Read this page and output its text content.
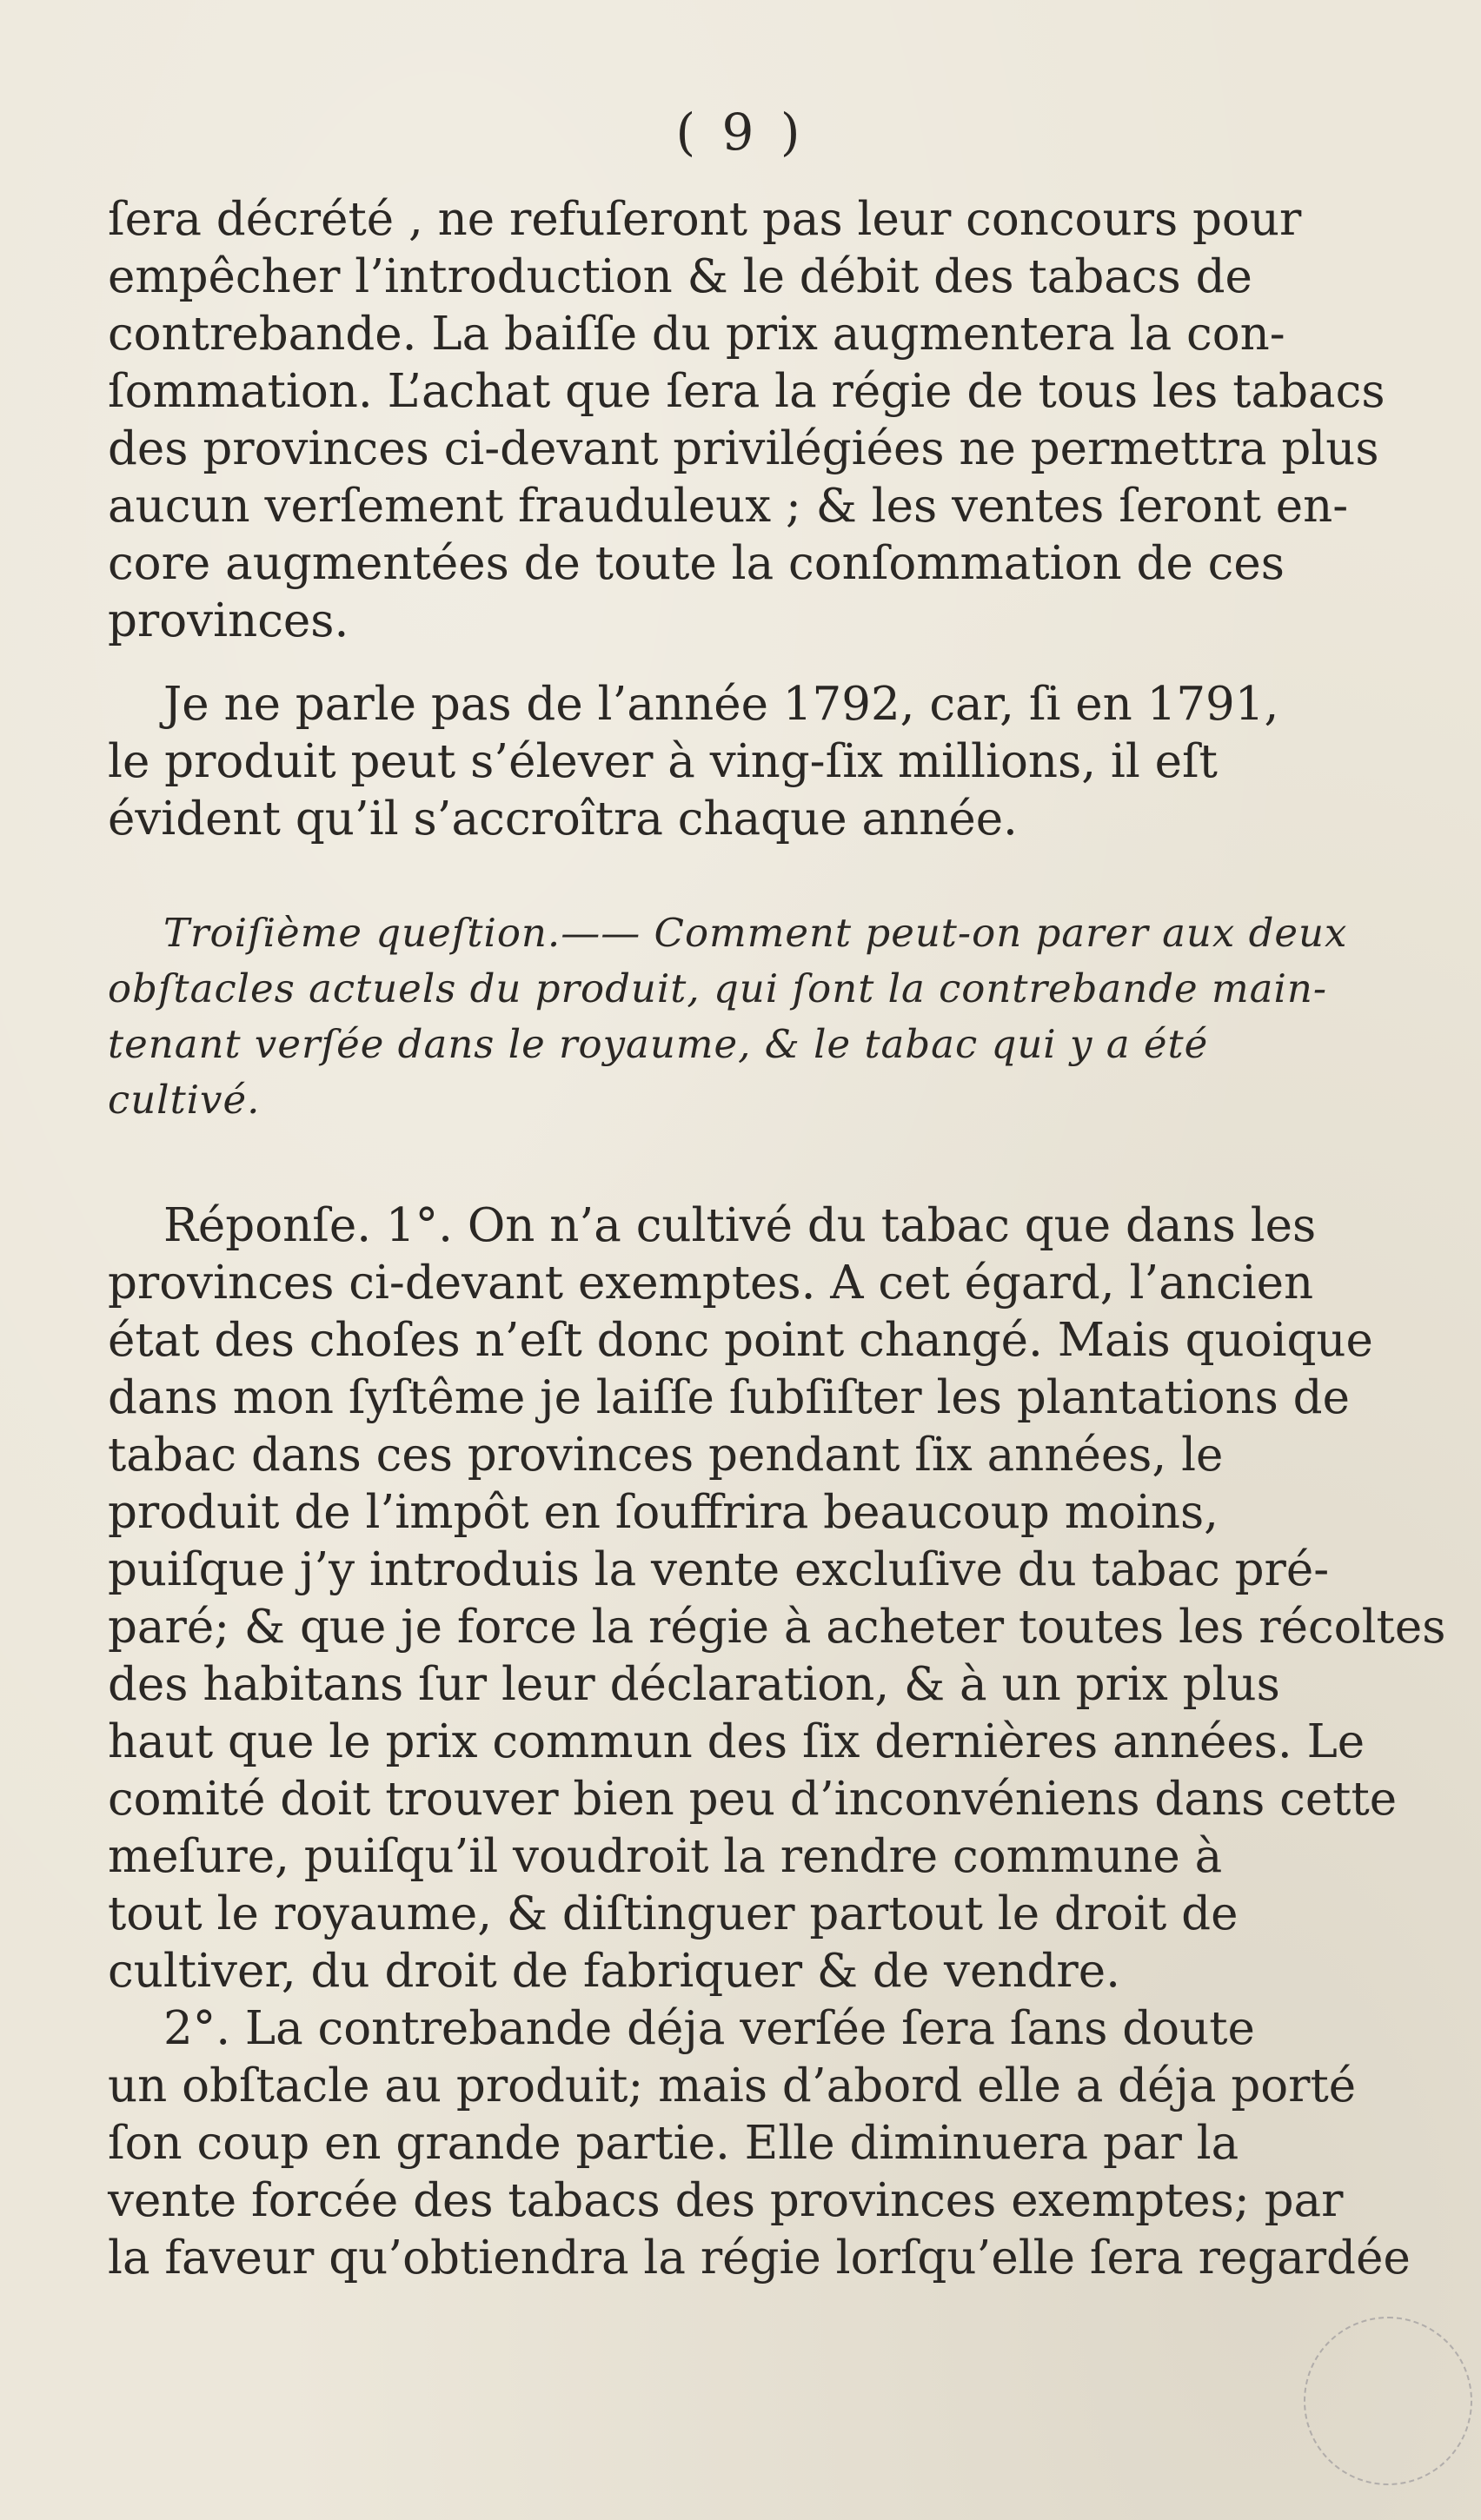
( 9 )
ſera décrété , ne refuſeront pas leur concours pour
empêcher l’introduction & le débit des tabacs de
contrebande. La baiſſe du prix augmentera la con-
ſommation. L’achat que ſera la régie de tous les tabacs
des provinces ci-devant privilégiées ne permettra plus
aucun verſement frauduleux ; & les ventes ſeront en-
core augmentées de toute la conſommation de ces
provinces.
Je ne parle pas de l’année 1792, car, ſi en 1791,
le produit peut s’élever à ving-ſix millions, il eſt
évident qu’il s’accroîtra chaque année.
Troiſième queſtion.—— Comment peut-on parer aux deux
obſtacles actuels du produit, qui ſont la contrebande main-
tenant verſée dans le royaume, & le tabac qui y a été
cultivé.
Réponſe. 1°. On n’a cultivé du tabac que dans les
provinces ci-devant exemptes. A cet égard, l’ancien
état des choſes n’eſt donc point changé. Mais quoique
dans mon ſyſtême je laiſſe ſubſiſter les plantations de
tabac dans ces provinces pendant ſix années, le
produit de l’impôt en ſouffrira beaucoup moins,
puiſque j’y introduis la vente excluſive du tabac pré-
paré; & que je force la régie à acheter toutes les récoltes
des habitans ſur leur déclaration, & à un prix plus
haut que le prix commun des ſix dernières années. Le
comité doit trouver bien peu d’inconvéniens dans cette
meſure, puiſqu’il voudroit la rendre commune à
tout le royaume, & diſtinguer partout le droit de
cultiver, du droit de fabriquer & de vendre.
2°. La contrebande déja verſée ſera ſans doute
un obſtacle au produit; mais d’abord elle a déja porté
ſon coup en grande partie. Elle diminuera par la
vente forcée des tabacs des provinces exemptes; par
la faveur qu’obtiendra la régie lorſqu’elle ſera regardée
